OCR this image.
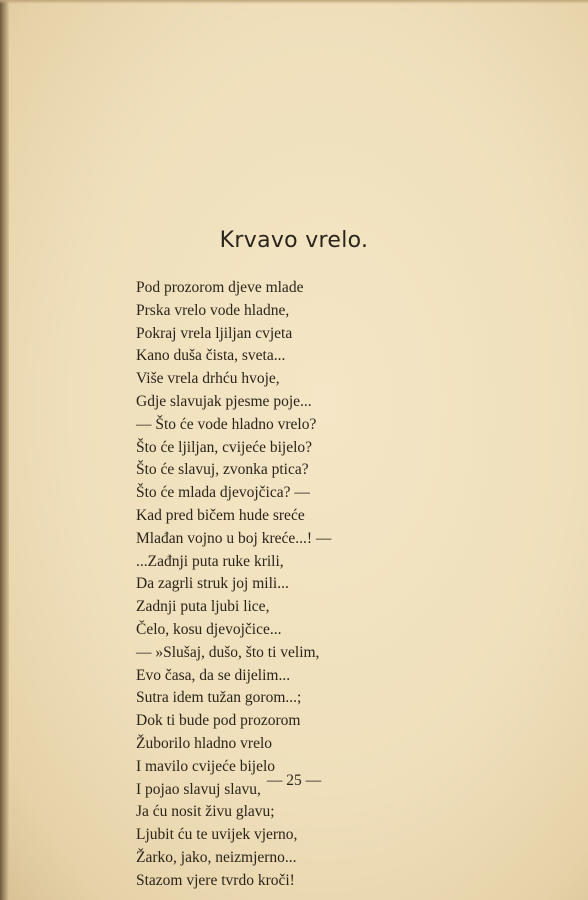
Krvavo vrelo.
Pod prozorom djeve mlade
Prska vrelo vode hladne,
Pokraj vrela ljiljan cvjeta
Kano duša čista, sveta...
Više vrela drhću hvoje,
Gdje slavujak pjesme poje...
— Što će vode hladno vrelo?
Što će ljiljan, cvijeće bijelo?
Što će slavuj, zvonka ptica?
Što će mlada djevojčica? —
Kad pred bičem hude sreće
Mlađan vojno u boj kreće...! —
...Zađnji puta ruke krili,
Da zagrli struk joj mili...
Zadnji puta ljubi lice,
Čelo, kosu djevojčice...
— »Slušaj, dušo, što ti velim,
Evo časa, da se dijelim...
Sutra idem tužan gorom...;
Dok ti bude pod prozorom
Žuborilo hladno vrelo
I mavilo cvijeće bijelo
I pojao slavuj slavu,
Ja ću nosit živu glavu;
Ljubit ću te uvijek vjerno,
Žarko, jako, neizmjerno...
Stazom vjere tvrdo kroči!

— 25 —
